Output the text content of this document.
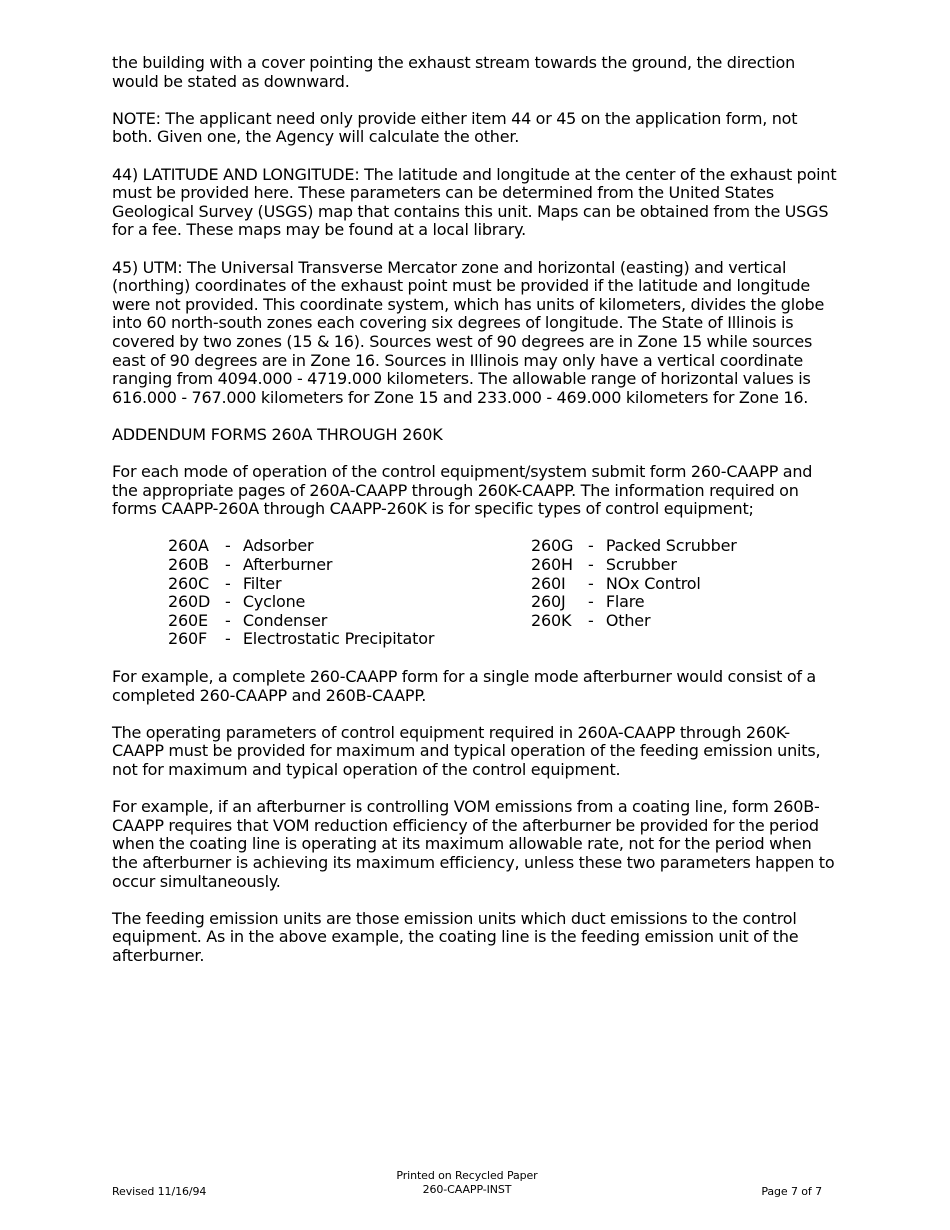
the building with a cover pointing the exhaust stream towards the ground, the direction would be stated as downward.

NOTE: The applicant need only provide either item 44 or 45 on the application form, not both. Given one, the Agency will calculate the other.

44) LATITUDE AND LONGITUDE: The latitude and longitude at the center of the exhaust point must be provided here. These parameters can be determined from the United States Geological Survey (USGS) map that contains this unit. Maps can be obtained from the USGS for a fee. These maps may be found at a local library.

45) UTM: The Universal Transverse Mercator zone and horizontal (easting) and vertical (northing) coordinates of the exhaust point must be provided if the latitude and longitude were not provided. This coordinate system, which has units of kilometers, divides the globe into 60 north-south zones each covering six degrees of longitude. The State of Illinois is covered by two zones (15 & 16). Sources west of 90 degrees are in Zone 15 while sources east of 90 degrees are in Zone 16. Sources in Illinois may only have a vertical coordinate ranging from 4094.000 - 4719.000 kilometers. The allowable range of horizontal values is 616.000 - 767.000 kilometers for Zone 15 and 233.000 - 469.000 kilometers for Zone 16.

ADDENDUM FORMS 260A THROUGH 260K

For each mode of operation of the control equipment/system submit form 260-CAAPP and the appropriate pages of 260A-CAAPP through 260K-CAAPP. The information required on forms CAAPP-260A through CAAPP-260K is for specific types of control equipment;

260A - Adsorber
260B - Afterburner
260C - Filter
260D - Cyclone
260E - Condenser
260F - Electrostatic Precipitator
260G - Packed Scrubber
260H - Scrubber
260I - NOx Control
260J - Flare
260K - Other

For example, a complete 260-CAAPP form for a single mode afterburner would consist of a completed 260-CAAPP and 260B-CAAPP.

The operating parameters of control equipment required in 260A-CAAPP through 260K-CAAPP must be provided for maximum and typical operation of the feeding emission units, not for maximum and typical operation of the control equipment.

For example, if an afterburner is controlling VOM emissions from a coating line, form 260B-CAAPP requires that VOM reduction efficiency of the afterburner be provided for the period when the coating line is operating at its maximum allowable rate, not for the period when the afterburner is achieving its maximum efficiency, unless these two parameters happen to occur simultaneously.

The feeding emission units are those emission units which duct emissions to the control equipment. As in the above example, the coating line is the feeding emission unit of the afterburner.

Revised 11/16/94
Printed on Recycled Paper
260-CAAPP-INST	Page 7 of 7
